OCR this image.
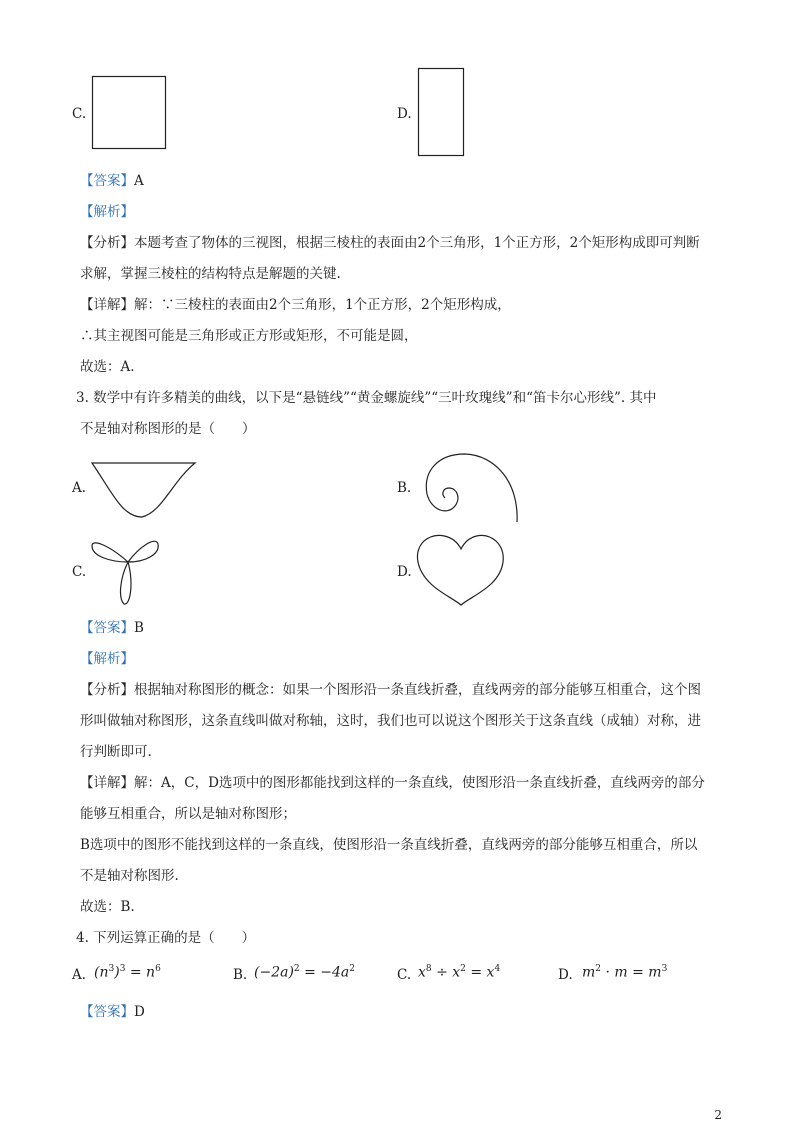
C.	D.
【答案】A
【解析】
【分析】本题考查了物体的三视图，根据三棱柱的表面由2个三角形，1个正方形，2个矩形构成即可判断
求解，掌握三棱柱的结构特点是解题的关键.
【详解】解：∵三棱柱的表面由2个三角形，1个正方形，2个矩形构成，
∴其主视图可能是三角形或正方形或矩形，不可能是圆，
故选：A.
3. 数学中有许多精美的曲线，以下是“悬链线”“黄金螺旋线”“三叶玫瑰线”和“笛卡尔心形线”. 其中
不是轴对称图形的是（　　）
A.	B.
C.	D.
【答案】B
【解析】
【分析】根据轴对称图形的概念：如果一个图形沿一条直线折叠，直线两旁的部分能够互相重合，这个图
形叫做轴对称图形，这条直线叫做对称轴，这时，我们也可以说这个图形关于这条直线（成轴）对称，进
行判断即可.
【详解】解：A，C，D选项中的图形都能找到这样的一条直线，使图形沿一条直线折叠，直线两旁的部分
能够互相重合，所以是轴对称图形；
B选项中的图形不能找到这样的一条直线，使图形沿一条直线折叠，直线两旁的部分能够互相重合，所以
不是轴对称图形.
故选：B.
4. 下列运算正确的是（　　）
A. $(n^3)^3 = n^6$	B. $(-2a)^2 = -4a^2$	C. $x^8 \div x^2 = x^4$	D. $m^2 \cdot m = m^3$
【答案】D
2
